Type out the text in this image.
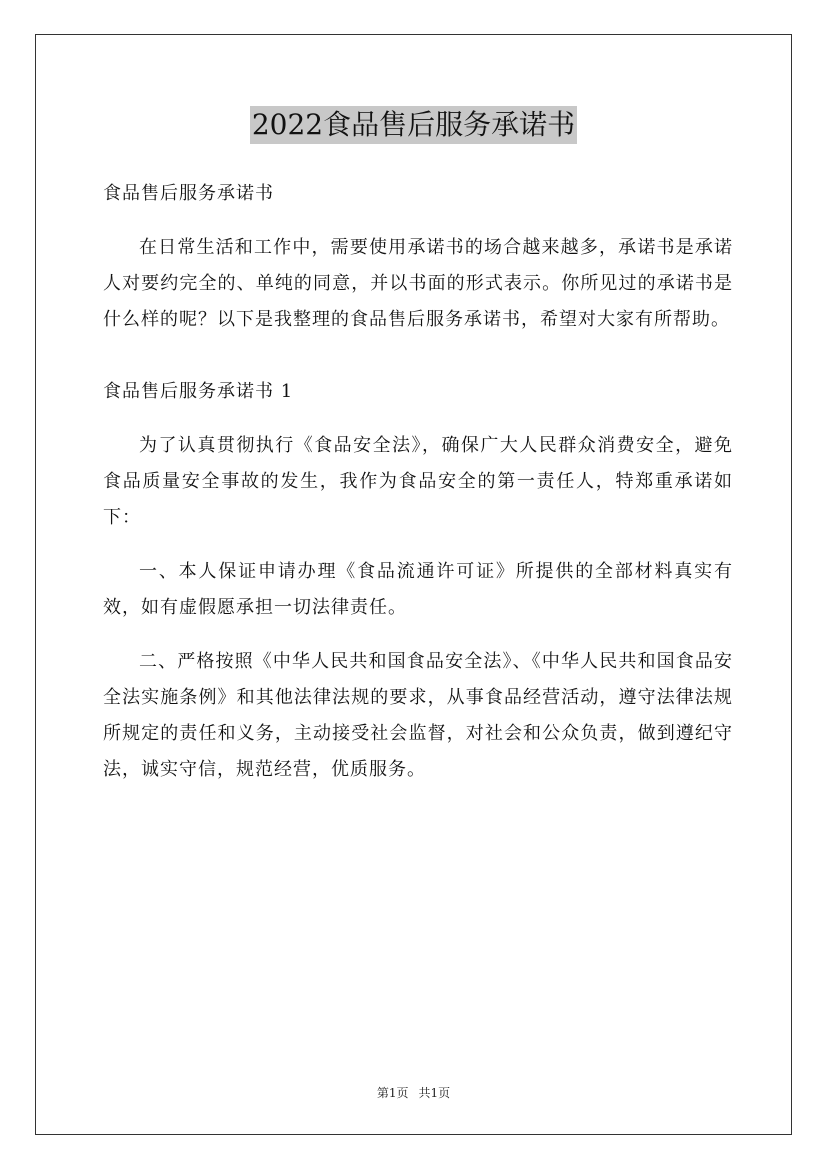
2022食品售后服务承诺书

食品售后服务承诺书

在日常生活和工作中，需要使用承诺书的场合越来越多，承诺书是承诺人对要约完全的、单纯的同意，并以书面的形式表示。你所见过的承诺书是什么样的呢？以下是我整理的食品售后服务承诺书，希望对大家有所帮助。

食品售后服务承诺书 1

为了认真贯彻执行《食品安全法》，确保广大人民群众消费安全，避免食品质量安全事故的发生，我作为食品安全的第一责任人，特郑重承诺如下：

一、本人保证申请办理《食品流通许可证》所提供的全部材料真实有效，如有虚假愿承担一切法律责任。

二、严格按照《中华人民共和国食品安全法》、《中华人民共和国食品安全法实施条例》和其他法律法规的要求，从事食品经营活动，遵守法律法规所规定的责任和义务，主动接受社会监督，对社会和公众负责，做到遵纪守法，诚实守信，规范经营，优质服务。

第1页 共1页
